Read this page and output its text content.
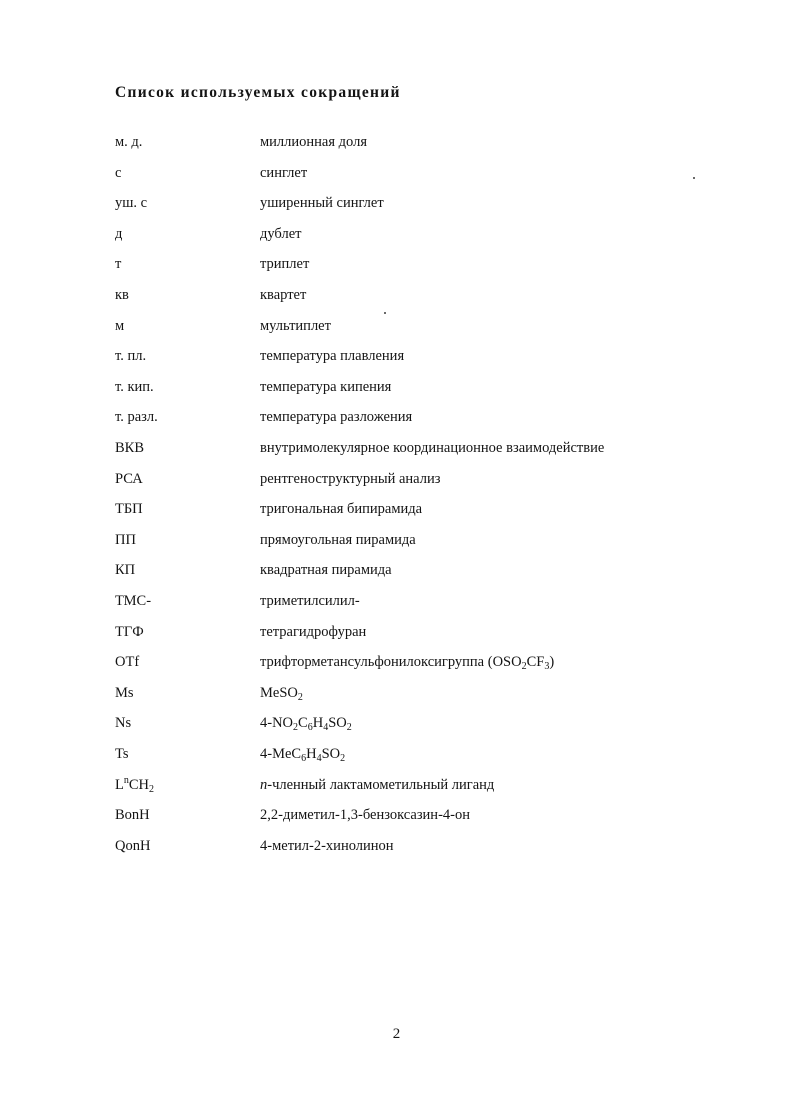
Список используемых сокращений
м. д.	миллионная доля
с	синглет
уш. с	уширенный синглет
д	дублет
т	триплет
кв	квартет
м	мультиплет
т. пл.	температура плавления
т. кип.	температура кипения
т. разл.	температура разложения
ВКВ	внутримолекулярное координационное взаимодействие
РСА	рентгеноструктурный анализ
ТБП	тригональная бипирамида
ПП	прямоугольная пирамида
КП	квадратная пирамида
ТМС-	триметилсилил-
ТГФ	тетрагидрофуран
OTf	трифторметансульфонилоксигруппа $(OSO_2CF_3)$
Ms	MeSO$_2$
Ns	$4-NO_2C_6H_4SO_2$
Ts	$4-MeC_6H_4SO_2$
$L^nCH_2$	n-членный лактамометильный лиганд
BonH	2,2-диметил-1,3-бензоксазин-4-он
QonH	4-метил-2-хинолинон
2
